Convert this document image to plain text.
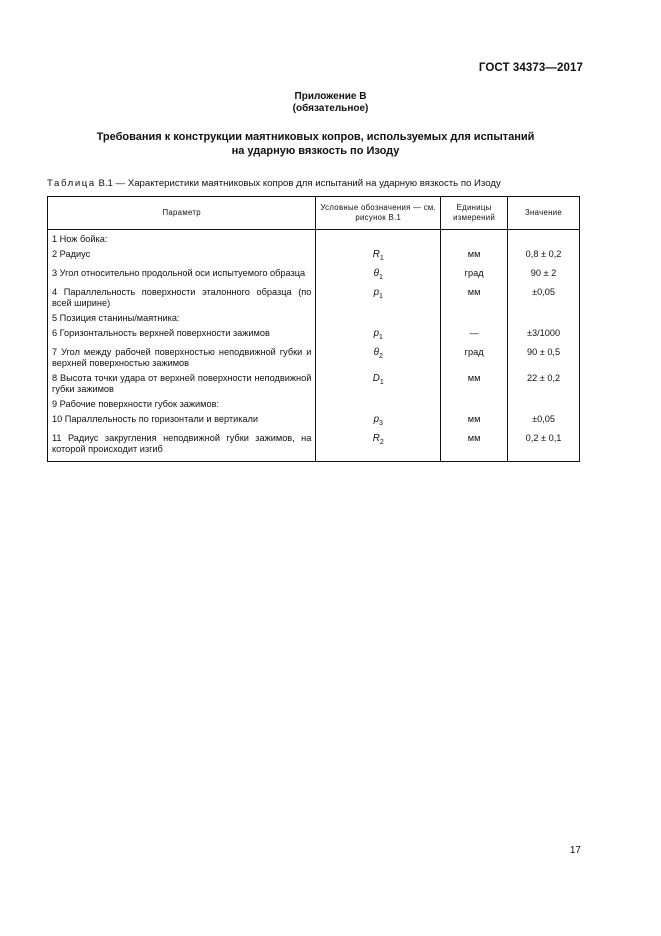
ГОСТ 34373—2017
Приложение В
(обязательное)
Требования к конструкции маятниковых копров, используемых для испытаний
на ударную вязкость по Изоду
Таблица В.1 — Характеристики маятниковых копров для испытаний на ударную вязкость по Изоду
Параметр	Условные обозначения — см. рисунок В.1	Единицы измерений	Значение
1 Нож бойка:			
2 Радиус	$R_1$	мм	0,8 ± 0,2
3 Угол относительно продольной оси испытуемого образца	$\theta_1$	град	90 ± 2
4 Параллельность поверхности эталонного образца (по всей ширине)	$p_1$	мм	±0,05
5 Позиция станины/маятника:			
6 Горизонтальность верхней поверхности зажимов	$p_1$	—	±3/1000
7 Угол между рабочей поверхностью неподвижной губки и верхней поверхностью зажимов	$\theta_2$	град	90 ± 0,5
8 Высота точки удара от верхней поверхности неподвижной губки зажимов	$D_1$	мм	22 ± 0,2
9 Рабочие поверхности губок зажимов:			
10 Параллельность по горизонтали и вертикали	$p_3$	мм	±0,05
11 Радиус закругления неподвижной губки зажимов, на которой происходит изгиб	$R_2$	мм	0,2 ± 0,1
17
